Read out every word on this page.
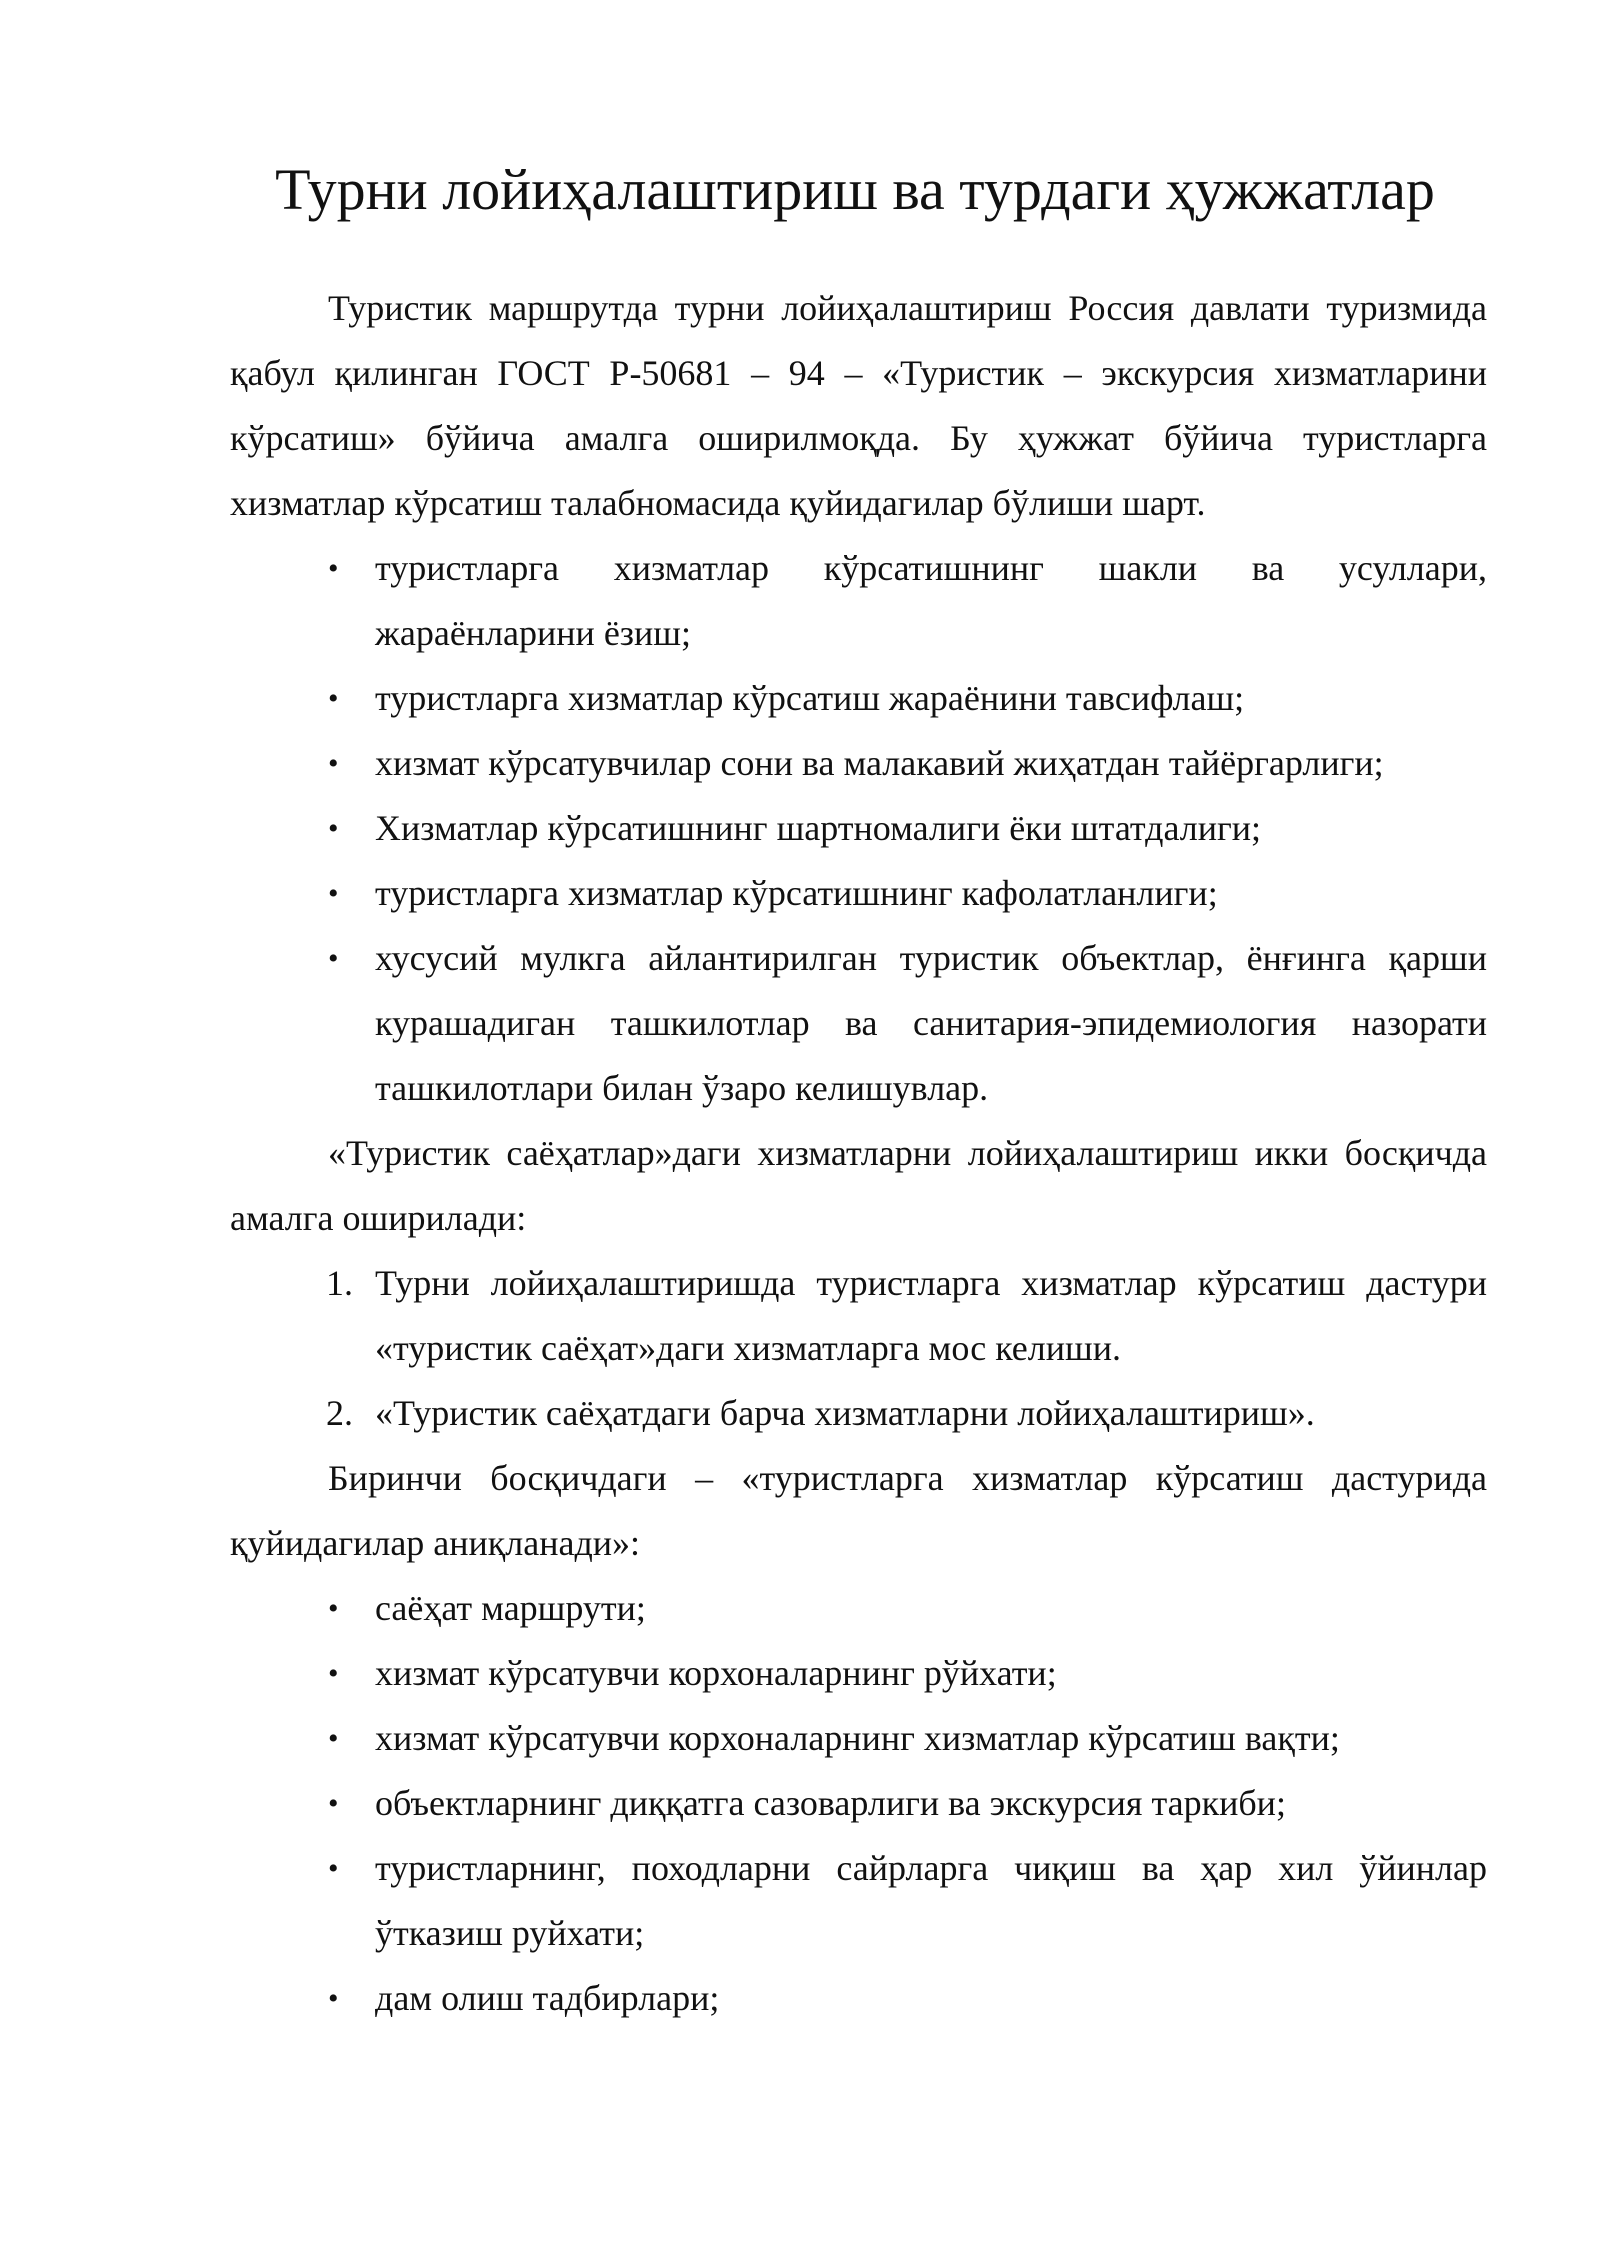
Турни лойиҳалаштириш ва турдаги ҳужжатлар

Туристик маршрутда турни лойиҳалаштириш Россия давлати туризмида қабул қилинган ГОСТ Р-50681 – 94 – «Туристик – экскурсия хизматларини кўрсатиш» бўйича амалга оширилмоқда. Бу ҳужжат бўйича туристларга хизматлар кўрсатиш талабномасида қуйидагилар бўлиши шарт.

•	туристларга хизматлар кўрсатишнинг шакли ва усуллари, жараёнларини ёзиш;
•	туристларга хизматлар кўрсатиш жараёнини тавсифлаш;
•	хизмат кўрсатувчилар сони ва малакавий жиҳатдан тайёргарлиги;
•	Хизматлар кўрсатишнинг шартномалиги ёки штатдалиги;
•	туристларга хизматлар кўрсатишнинг кафолатланлиги;
•	хусусий мулкга айлантирилган туристик объектлар, ёнғинга қарши курашадиган ташкилотлар ва санитария-эпидемиология назорати ташкилотлари билан ўзаро келишувлар.

«Туристик саёҳатлар»даги хизматларни лойиҳалаштириш икки босқичда амалга оширилади:

1. Турни лойиҳалаштиришда туристларга хизматлар кўрсатиш дастури «туристик саёҳат»даги хизматларга мос келиши.
2. «Туристик саёҳатдаги барча хизматларни лойиҳалаштириш».

Биринчи босқичдаги – «туристларга хизматлар кўрсатиш дастурида қуйидагилар аниқланади»:

•	саёҳат маршрути;
•	хизмат кўрсатувчи корхоналарнинг рўйхати;
•	хизмат кўрсатувчи корхоналарнинг хизматлар кўрсатиш вақти;
•	объектларнинг диққатга сазоварлиги ва экскурсия таркиби;
•	туристларнинг, походларни сайрларга чиқиш ва ҳар хил ўйинлар ўтказиш руйхати;
•	дам олиш тадбирлари;
